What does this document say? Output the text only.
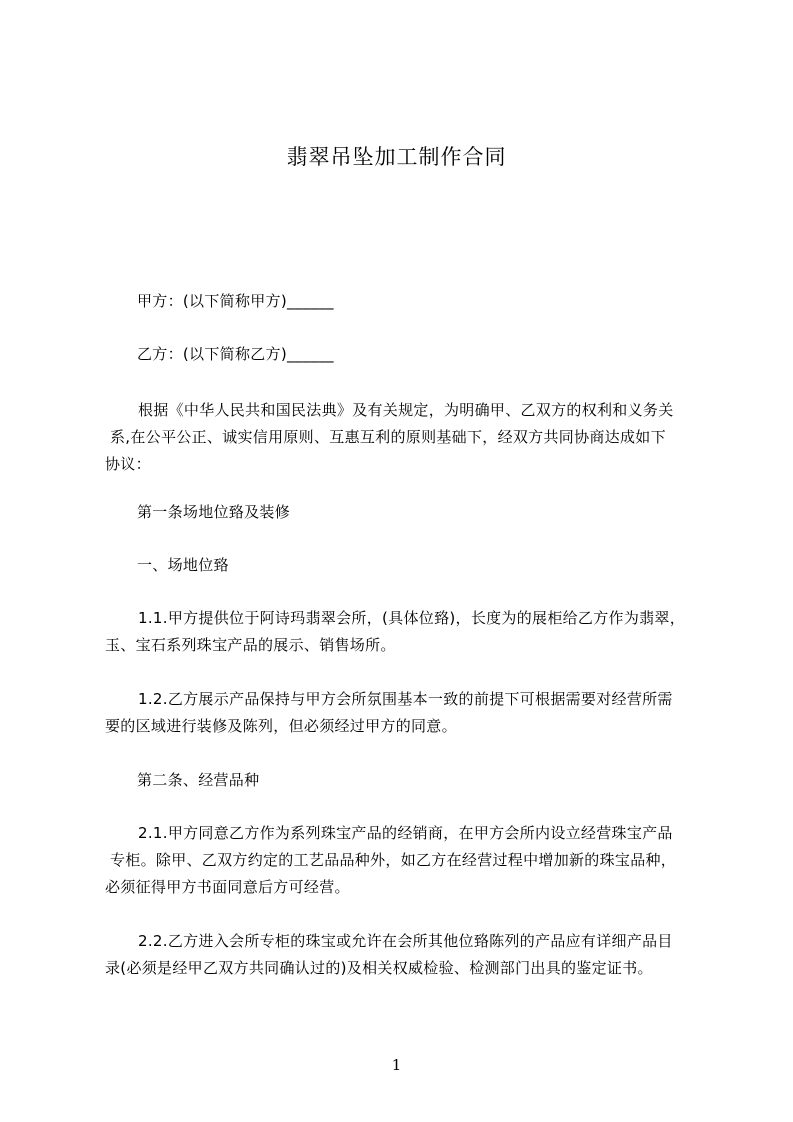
翡翠吊坠加工制作合同
甲方：(以下简称甲方)______
乙方：(以下简称乙方)______
根据《中华人民共和国民法典》及有关规定，为明确甲、乙双方的权利和义务关
系,在公平公正、诚实信用原则、互惠互利的原则基础下，经双方共同协商达成如下
协议：
第一条场地位臵及装修
一、场地位臵
1.1.甲方提供位于阿诗玛翡翠会所，(具体位臵)，长度为的展柜给乙方作为翡翠，
玉、宝石系列珠宝产品的展示、销售场所。
1.2.乙方展示产品保持与甲方会所氛围基本一致的前提下可根据需要对经营所需
要的区域进行装修及陈列，但必须经过甲方的同意。
第二条、经营品种
2.1.甲方同意乙方作为系列珠宝产品的经销商，在甲方会所内设立经营珠宝产品
专柜。除甲、乙双方约定的工艺品品种外，如乙方在经营过程中增加新的珠宝品种，
必须征得甲方书面同意后方可经营。
2.2.乙方进入会所专柜的珠宝或允许在会所其他位臵陈列的产品应有详细产品目
录(必须是经甲乙双方共同确认过的)及相关权威检验、检测部门出具的鉴定证书。
1
